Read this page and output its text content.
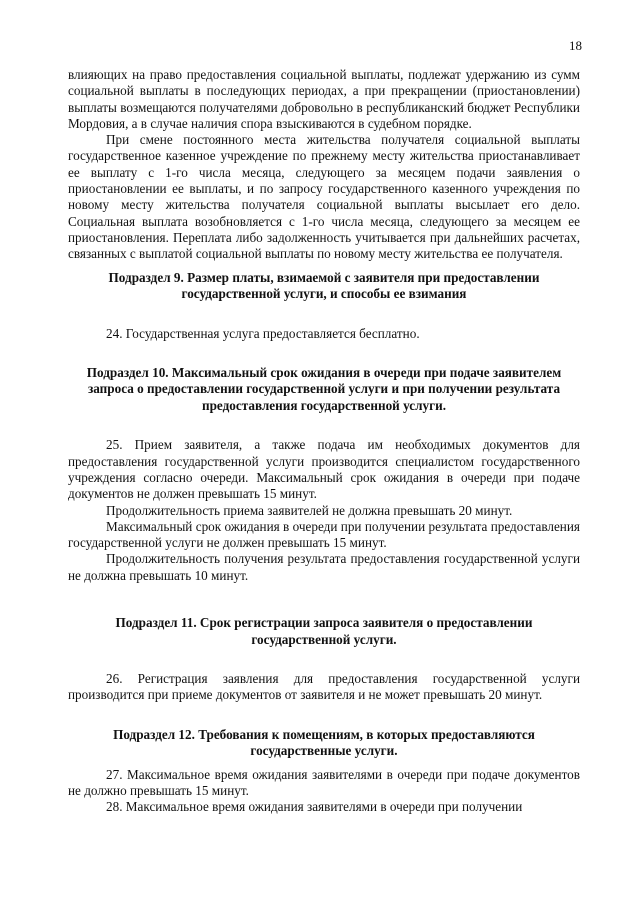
18

влияющих на право предоставления социальной выплаты, подлежат удержанию из сумм социальной выплаты в последующих периодах, а при прекращении (приостановлении) выплаты возмещаются получателями добровольно в республиканский бюджет Республики Мордовия, а в случае наличия спора взыскиваются в судебном порядке.

При смене постоянного места жительства получателя социальной выплаты государственное казенное учреждение по прежнему месту жительства приостанавливает ее выплату с 1-го числа месяца, следующего за месяцем подачи заявления о приостановлении ее выплаты, и по запросу государственного казенного учреждения по новому месту жительства получателя социальной выплаты высылает его дело. Социальная выплата возобновляется с 1-го числа месяца, следующего за месяцем ее приостановления. Переплата либо задолженность учитывается при дальнейших расчетах, связанных с выплатой социальной выплаты по новому месту жительства ее получателя.

Подраздел 9. Размер платы, взимаемой с заявителя при предоставлении государственной услуги, и способы ее взимания

24. Государственная услуга предоставляется бесплатно.

Подраздел 10. Максимальный срок ожидания в очереди при подаче заявителем запроса о предоставлении государственной услуги и при получении результата предоставления государственной услуги.

25. Прием заявителя, а также подача им необходимых документов для предоставления государственной услуги производится специалистом государственного учреждения согласно очереди. Максимальный срок ожидания в очереди при подаче документов не должен превышать 15 минут.

Продолжительность приема заявителей не должна превышать 20 минут.

Максимальный срок ожидания в очереди при получении результата предоставления государственной услуги не должен превышать 15 минут.

Продолжительность получения результата предоставления государственной услуги не должна превышать 10 минут.

Подраздел 11. Срок регистрации запроса заявителя о предоставлении государственной услуги.

26. Регистрация заявления для предоставления государственной услуги производится при приеме документов от заявителя и не может превышать 20 минут.

Подраздел 12. Требования к помещениям, в которых предоставляются государственные услуги.

27. Максимальное время ожидания заявителями в очереди при подаче документов не должно превышать 15 минут.

28. Максимальное время ожидания заявителями в очереди при получении
